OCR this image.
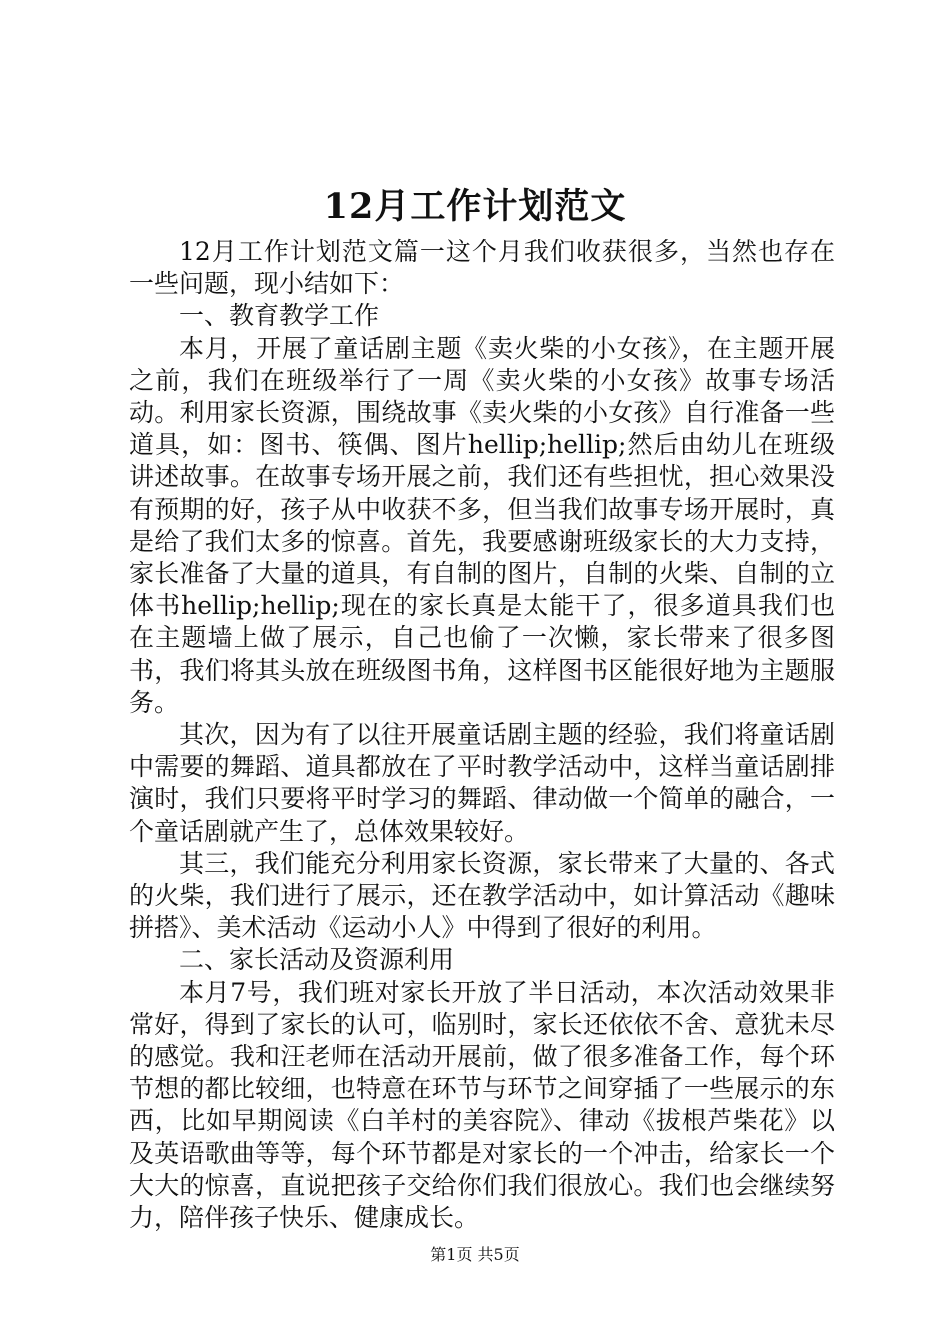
12月工作计划范文

12月工作计划范文篇一这个月我们收获很多，当然也存在一些问题，现小结如下：

一、教育教学工作

本月，开展了童话剧主题《卖火柴的小女孩》，在主题开展之前，我们在班级举行了一周《卖火柴的小女孩》故事专场活动。利用家长资源，围绕故事《卖火柴的小女孩》自行准备一些道具，如：图书、筷偶、图片hellip;hellip;然后由幼儿在班级讲述故事。在故事专场开展之前，我们还有些担忧，担心效果没有预期的好，孩子从中收获不多，但当我们故事专场开展时，真是给了我们太多的惊喜。首先，我要感谢班级家长的大力支持，家长准备了大量的道具，有自制的图片，自制的火柴、自制的立体书hellip;hellip;现在的家长真是太能干了，很多道具我们也在主题墙上做了展示，自己也偷了一次懒，家长带来了很多图书，我们将其头放在班级图书角，这样图书区能很好地为主题服务。

其次，因为有了以往开展童话剧主题的经验，我们将童话剧中需要的舞蹈、道具都放在了平时教学活动中，这样当童话剧排演时，我们只要将平时学习的舞蹈、律动做一个简单的融合，一个童话剧就产生了，总体效果较好。

其三，我们能充分利用家长资源，家长带来了大量的、各式的火柴，我们进行了展示，还在教学活动中，如计算活动《趣味拼搭》、美术活动《运动小人》中得到了很好的利用。

二、家长活动及资源利用

本月7号，我们班对家长开放了半日活动，本次活动效果非常好，得到了家长的认可，临别时，家长还依依不舍、意犹未尽的感觉。我和汪老师在活动开展前，做了很多准备工作，每个环节想的都比较细，也特意在环节与环节之间穿插了一些展示的东西，比如早期阅读《白羊村的美容院》、律动《拔根芦柴花》以及英语歌曲等等，每个环节都是对家长的一个冲击，给家长一个大大的惊喜，直说把孩子交给你们我们很放心。我们也会继续努力，陪伴孩子快乐、健康成长。

第1页 共5页
